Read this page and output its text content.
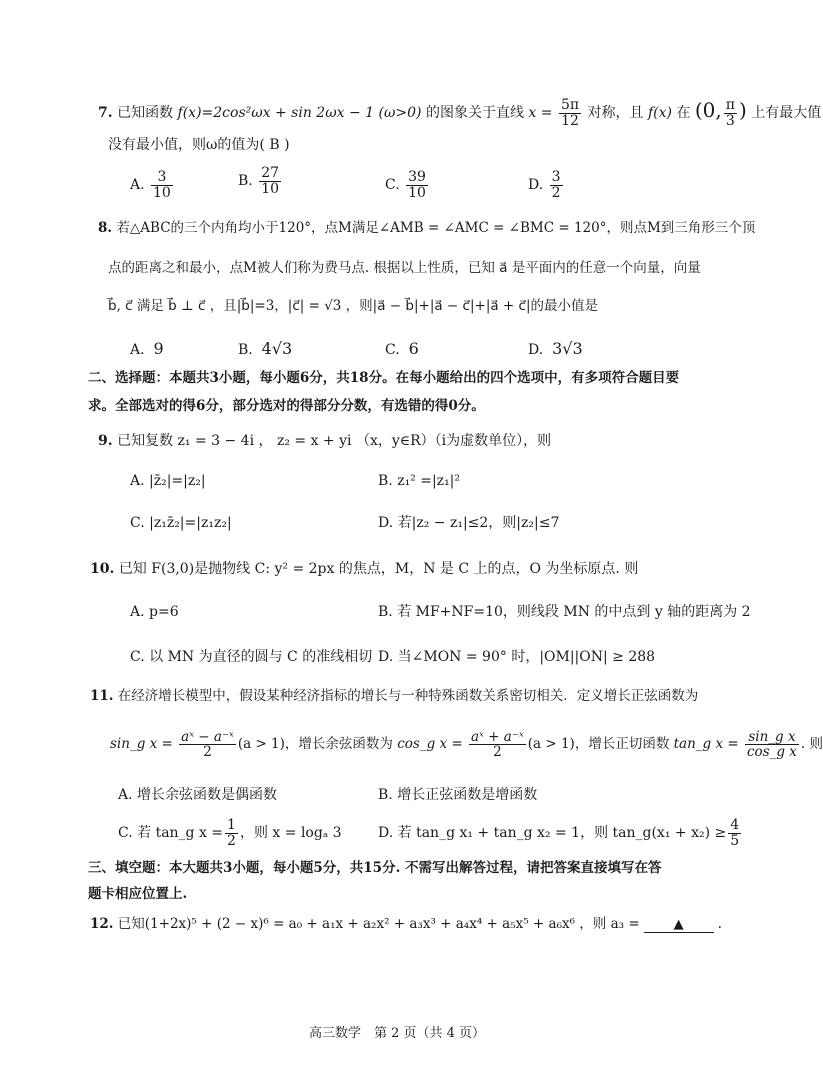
7. 已知函数 f(x)=2cos²ωx + sin 2ωx − 1 (ω>0) 的图象关于直线 $x = \frac{5\pi}{12}$ 对称，且 f(x) 在 (0, $\frac{\pi}{3}$ ) 上有最大值
没有最小值，则ω的值为( B )
A. $\frac{3}{10}$	B. $\frac{27}{10}$	C. $\frac{39}{10}$	D. $\frac{3}{2}$
8. 若△ABC的三个内角均小于120°，点M满足∠AMB = ∠AMC = ∠BMC = 120°，则点M到三角形三个顶
点的距离之和最小，点M被人们称为费马点. 根据以上性质，已知 a⃗ 是平面内的任意一个向量，向量
b⃗, c⃗ 满足 b⃗ ⊥ c⃗ ，且|b⃗|=3，|c⃗| = √3 ，则|a⃗ − b⃗|+|a⃗ − c⃗|+|a⃗ + c⃗|的最小值是
A. 9	B. 4√3	C. 6	D. 3√3
二、选择题：本题共3小题，每小题6分，共18分。在每小题给出的四个选项中，有多项符合题目要
求。全部选对的得6分，部分选对的得部分分数，有选错的得0分。
9. 已知复数 z₁ = 3 − 4i ， z₂ = x + yi （x，y∈R）（i为虚数单位），则
A. |z̄₂|=|z₂|	B. z₁² =|z₁|²
C. |z₁z̄₂|=|z₁z₂|	D. 若|z₂ − z₁|≤2，则|z₂|≤7
10. 已知 F(3,0)是抛物线 C: y² = 2px 的焦点，M，N 是 C 上的点，O 为坐标原点. 则
A. p=6	B. 若 MF+NF=10，则线段 MN 的中点到 y 轴的距离为 2
C. 以 MN 为直径的圆与 C 的准线相切 D. 当∠MON = 90° 时，|OM||ON| ≥ 288
11. 在经济增长模型中，假设某种经济指标的增长与一种特殊函数关系密切相关．定义增长正弦函数为
sin_g $x = \frac{\text{aˣ − a⁻ˣ}}{2} (a > 1)$，增长余弦函数为 cos_g $x = \frac{\text{aˣ + a⁻ˣ}}{2} (a > 1)$，增长正切函数 tan_g $x = \frac{\text{sin\_g x}}{\text{cos\_g x}}$ . 则
A. 增长余弦函数是偶函数	B. 增长正弦函数是增函数
C. 若 tan_g $x = \frac{1}{2}$ ，则 x = logₐ 3	D. 若 tan_g x₁ + tan_g x₂ = 1，则 tan_g(x₁ + $x_2) \ge \frac{4}{5}$
三、填空题：本大题共3小题，每小题5分，共15分. 不需写出解答过程，请把答案直接填写在答
题卡相应位置上.
12. 已知(1+2x)⁵ + (2 − x)⁶ = a₀ + a₁x + a₂x² + a₃x³ + a₄x⁴ + a₅x⁵ + a₆x⁶ ，则 a₃ =	▲	.
高三数学　第 2 页（共 4 页）
